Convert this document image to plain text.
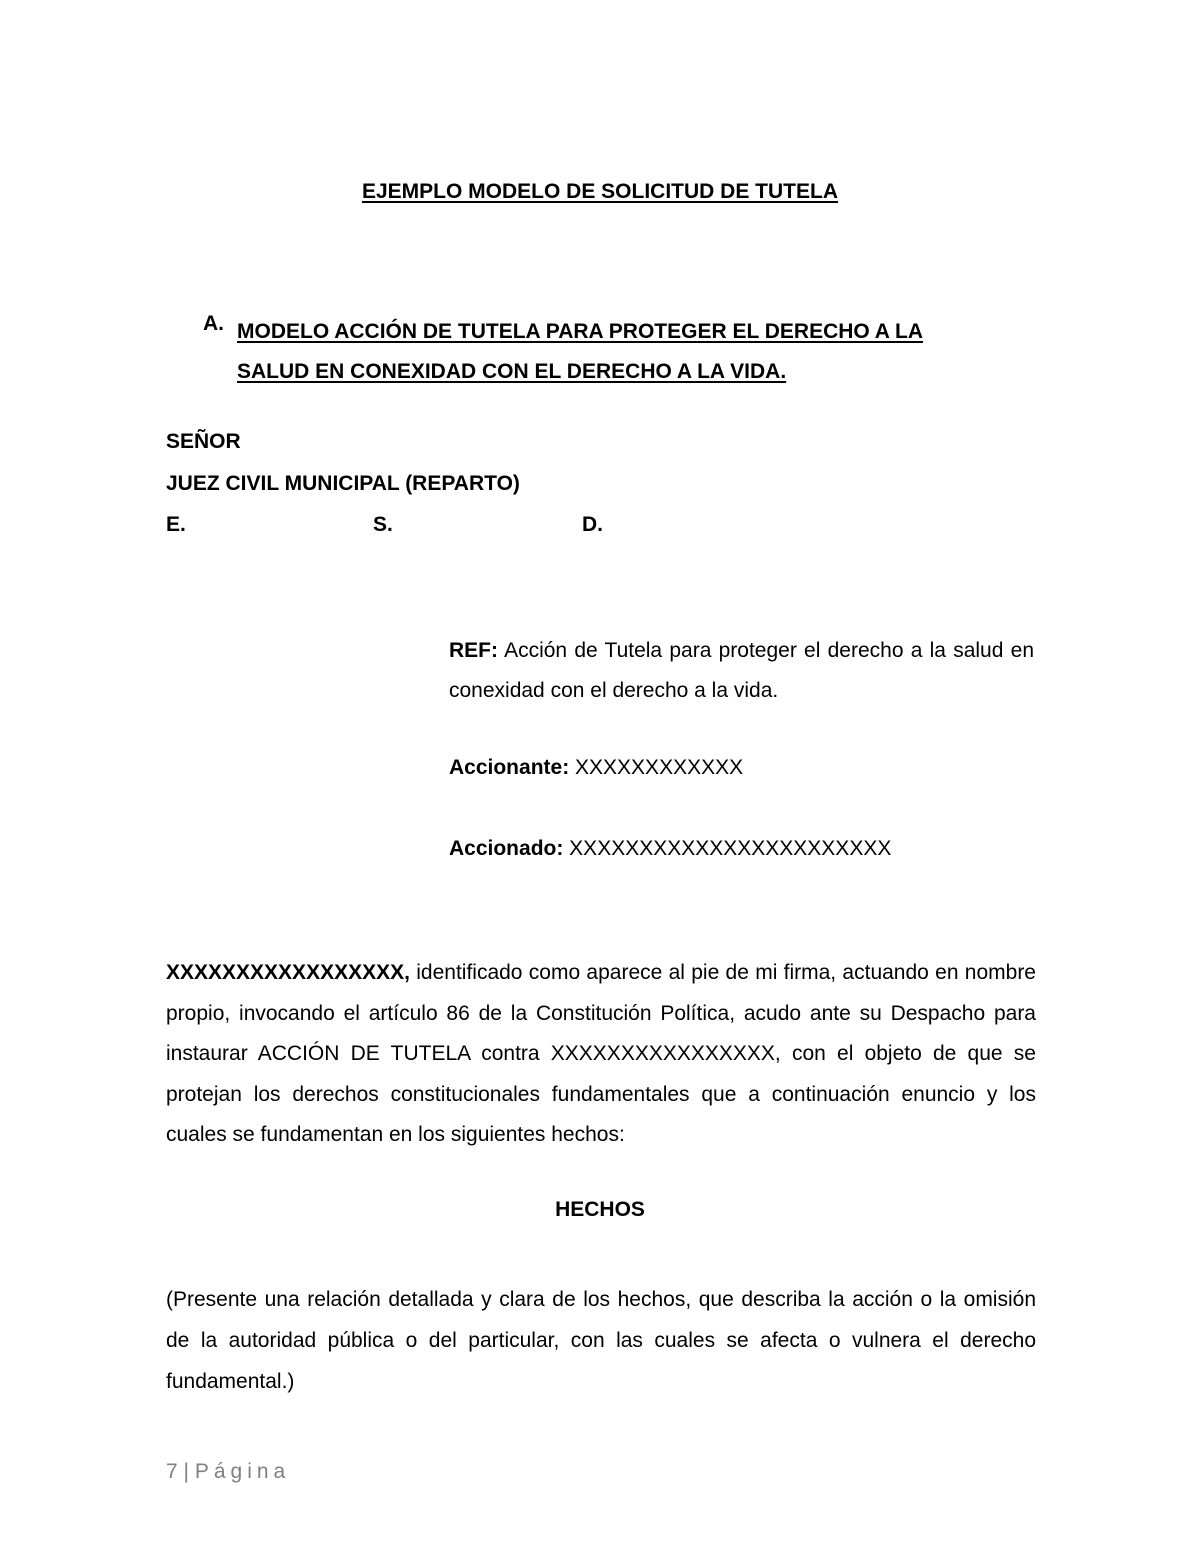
EJEMPLO MODELO DE SOLICITUD DE TUTELA
A. MODELO ACCIÓN DE TUTELA PARA PROTEGER EL DERECHO A LA
SALUD EN CONEXIDAD CON EL DERECHO A LA VIDA.
SEÑOR
JUEZ CIVIL MUNICIPAL (REPARTO)
E.	S.	D.
REF: Acción de Tutela para proteger el derecho a la salud en conexidad con el derecho a la vida.
Accionante: XXXXXXXXXXXX
Accionado: XXXXXXXXXXXXXXXXXXXXXXX
XXXXXXXXXXXXXXXXX, identificado como aparece al pie de mi firma, actuando en nombre propio, invocando el artículo 86 de la Constitución Política, acudo ante su Despacho para instaurar ACCIÓN DE TUTELA contra XXXXXXXXXXXXXXXX, con el objeto de que se protejan los derechos constitucionales fundamentales que a continuación enuncio y los cuales se fundamentan en los siguientes hechos:
HECHOS
(Presente una relación detallada y clara de los hechos, que describa la acción o la omisión de la autoridad pública o del particular, con las cuales se afecta o vulnera el derecho fundamental.)
7 | Página
